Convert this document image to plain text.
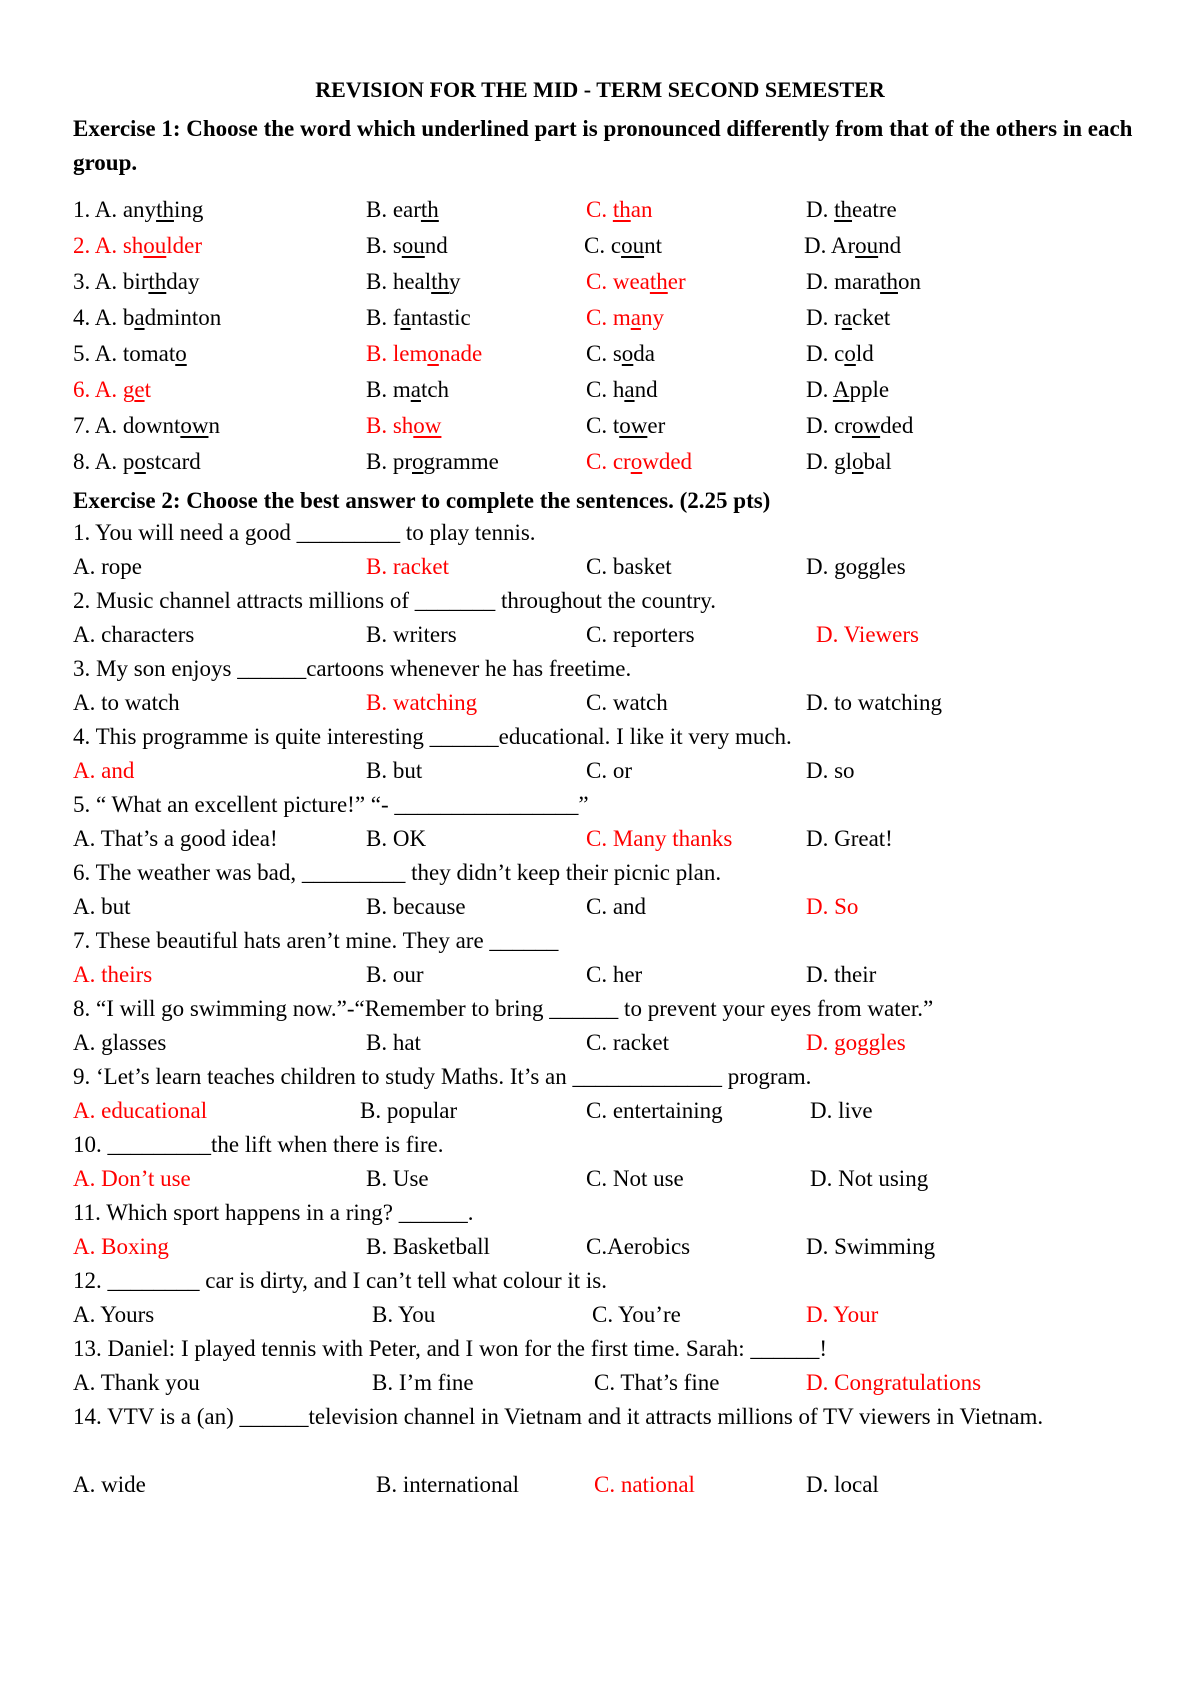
REVISION FOR THE MID - TERM SECOND SEMESTER
Exercise 1: Choose the word which underlined part is pronounced differently from that of the others in each group.
1. A. anything	B. earth	C. than	D. theatre
2. A. shoulder	B. sound	C. count	D. Around
3. A. birthday	B. healthy	C. weather	D. marathon
4. A. badminton	B. fantastic	C. many	D. racket
5. A. tomato	B. lemonade	C. soda	D. cold
6. A. get	B. match	C. hand	D. Apple
7. A. downtown	B. show	C. tower	D. crowded
8. A. postcard	B. programme	C. crowded	D. global
Exercise 2: Choose the best answer to complete the sentences. (2.25 pts)
1. You will need a good _________ to play tennis.
A. rope	B. racket	C. basket	D. goggles
2. Music channel attracts millions of _______ throughout the country.
A. characters	B. writers	C. reporters	D. Viewers
3. My son enjoys ______cartoons whenever he has freetime.
A. to watch	B. watching	C. watch	D. to watching
4. This programme is quite interesting ______educational. I like it very much.
A. and	B. but	C. or	D. so
5. “ What an excellent picture!” “- ________________”
A. That’s a good idea!	B. OK	C. Many thanks	D. Great!
6. The weather was bad, _________ they didn’t keep their picnic plan.
A. but	B. because	C. and	D. So
7. These beautiful hats aren’t mine. They are ______
A. theirs	B. our	C. her	D. their
8. “I will go swimming now.”-“Remember to bring ______ to prevent your eyes from water.”
A. glasses	B. hat	C. racket	D. goggles
9. ‘Let’s learn teaches children to study Maths. It’s an _____________ program.
A. educational	B. popular	C. entertaining	D. live
10. _________the lift when there is fire.
A. Don’t use	B. Use	C. Not use	D. Not using
11. Which sport happens in a ring? ______.
A. Boxing	B. Basketball	C.Aerobics	D. Swimming
12. ________ car is dirty, and I can’t tell what colour it is.
A. Yours	B. You	C. You’re	D. Your
13. Daniel: I played tennis with Peter, and I won for the first time. Sarah: ______!
A. Thank you	B. I’m fine	C. That’s fine	D. Congratulations
14. VTV is a (an) ______television channel in Vietnam and it attracts millions of TV viewers in Vietnam.
A. wide	B. international	C. national	D. local
